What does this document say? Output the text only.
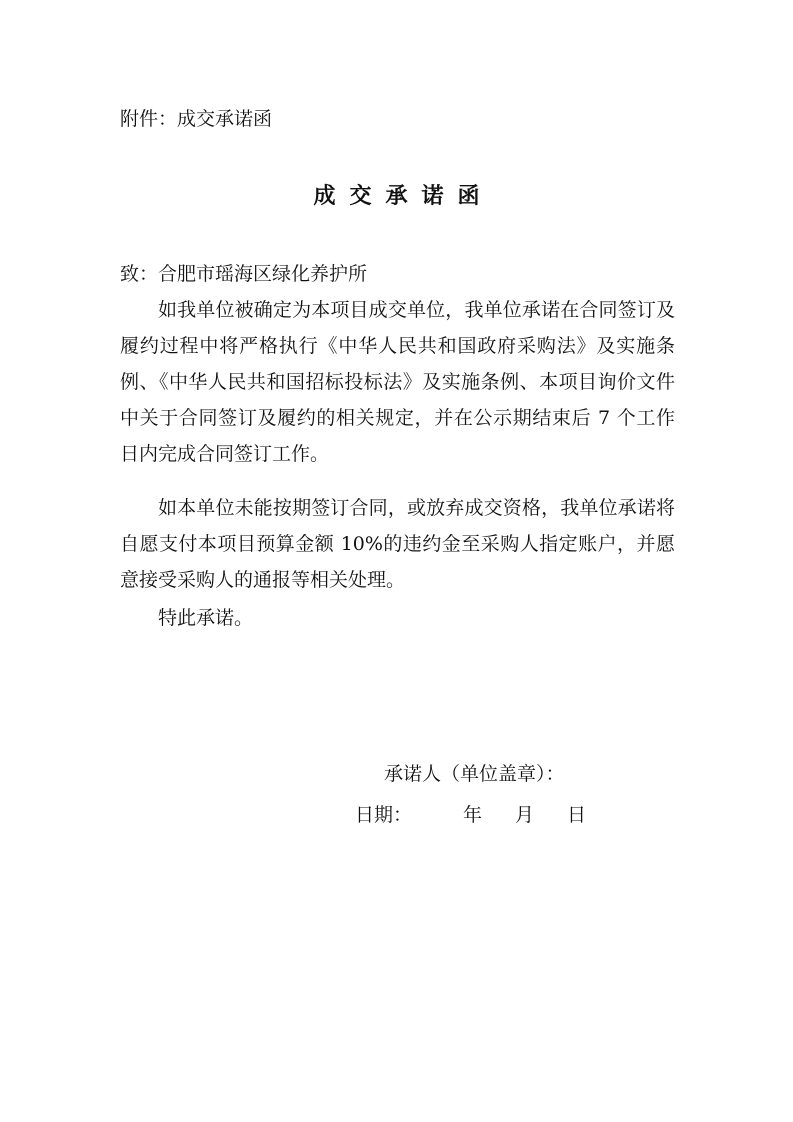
附件：成交承诺函
成交承诺函
致：合肥市瑶海区绿化养护所
如我单位被确定为本项目成交单位，我单位承诺在合同签订及履约过程中将严格执行《中华人民共和国政府采购法》及实施条例、《中华人民共和国招标投标法》及实施条例、本项目询价文件中关于合同签订及履约的相关规定，并在公示期结束后 7 个工作日内完成合同签订工作。
如本单位未能按期签订合同，或放弃成交资格，我单位承诺将自愿支付本项目预算金额 10%的违约金至采购人指定账户，并愿意接受采购人的通报等相关处理。
特此承诺。
承诺人（单位盖章）：
日期：	年 月 日
